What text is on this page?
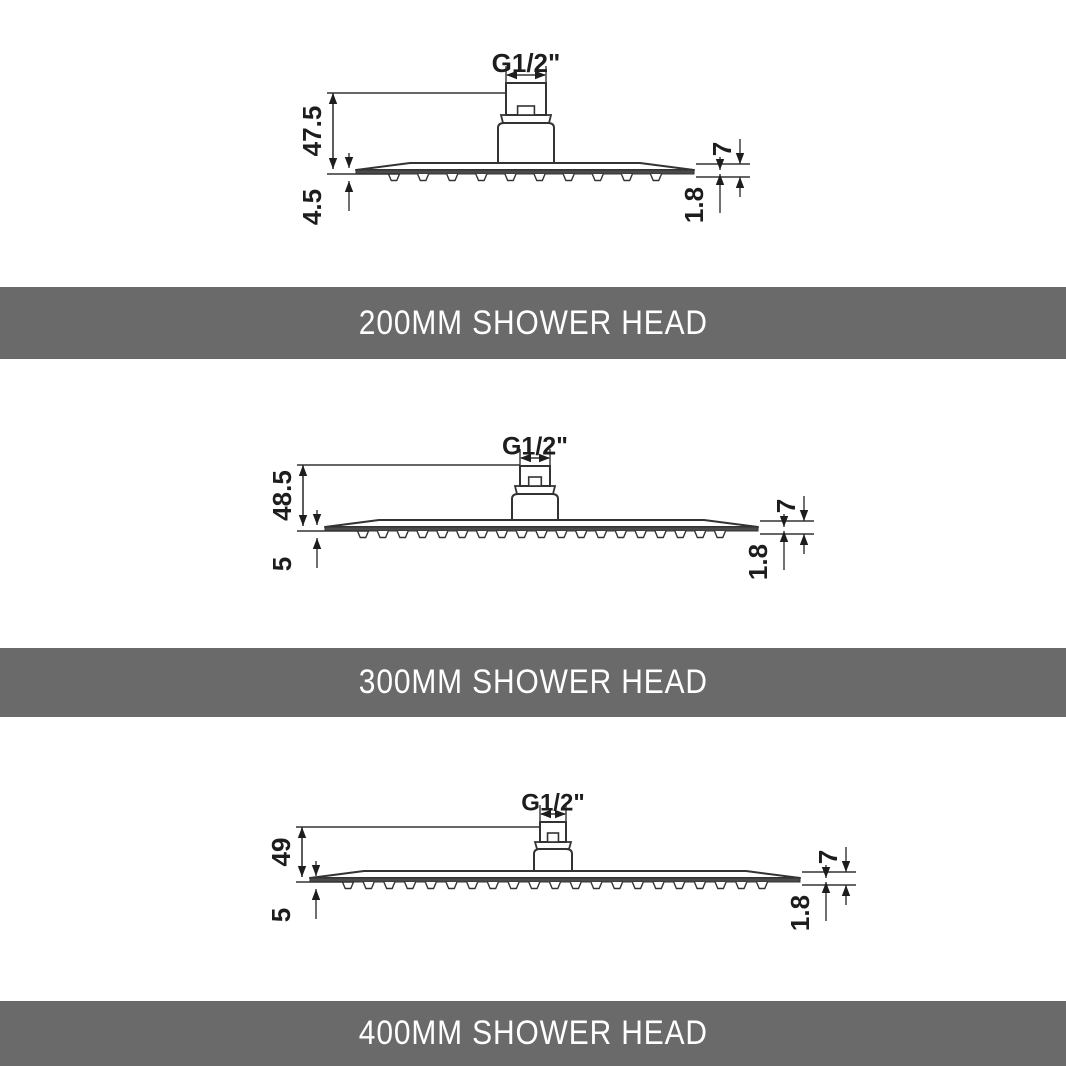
G1/2"
47.5
4.5
7
1.8
G1/2"
48.5
5
7
1.8
G1/2"
49
5
7
1.8
200MM SHOWER HEAD
300MM SHOWER HEAD
400MM SHOWER HEAD
